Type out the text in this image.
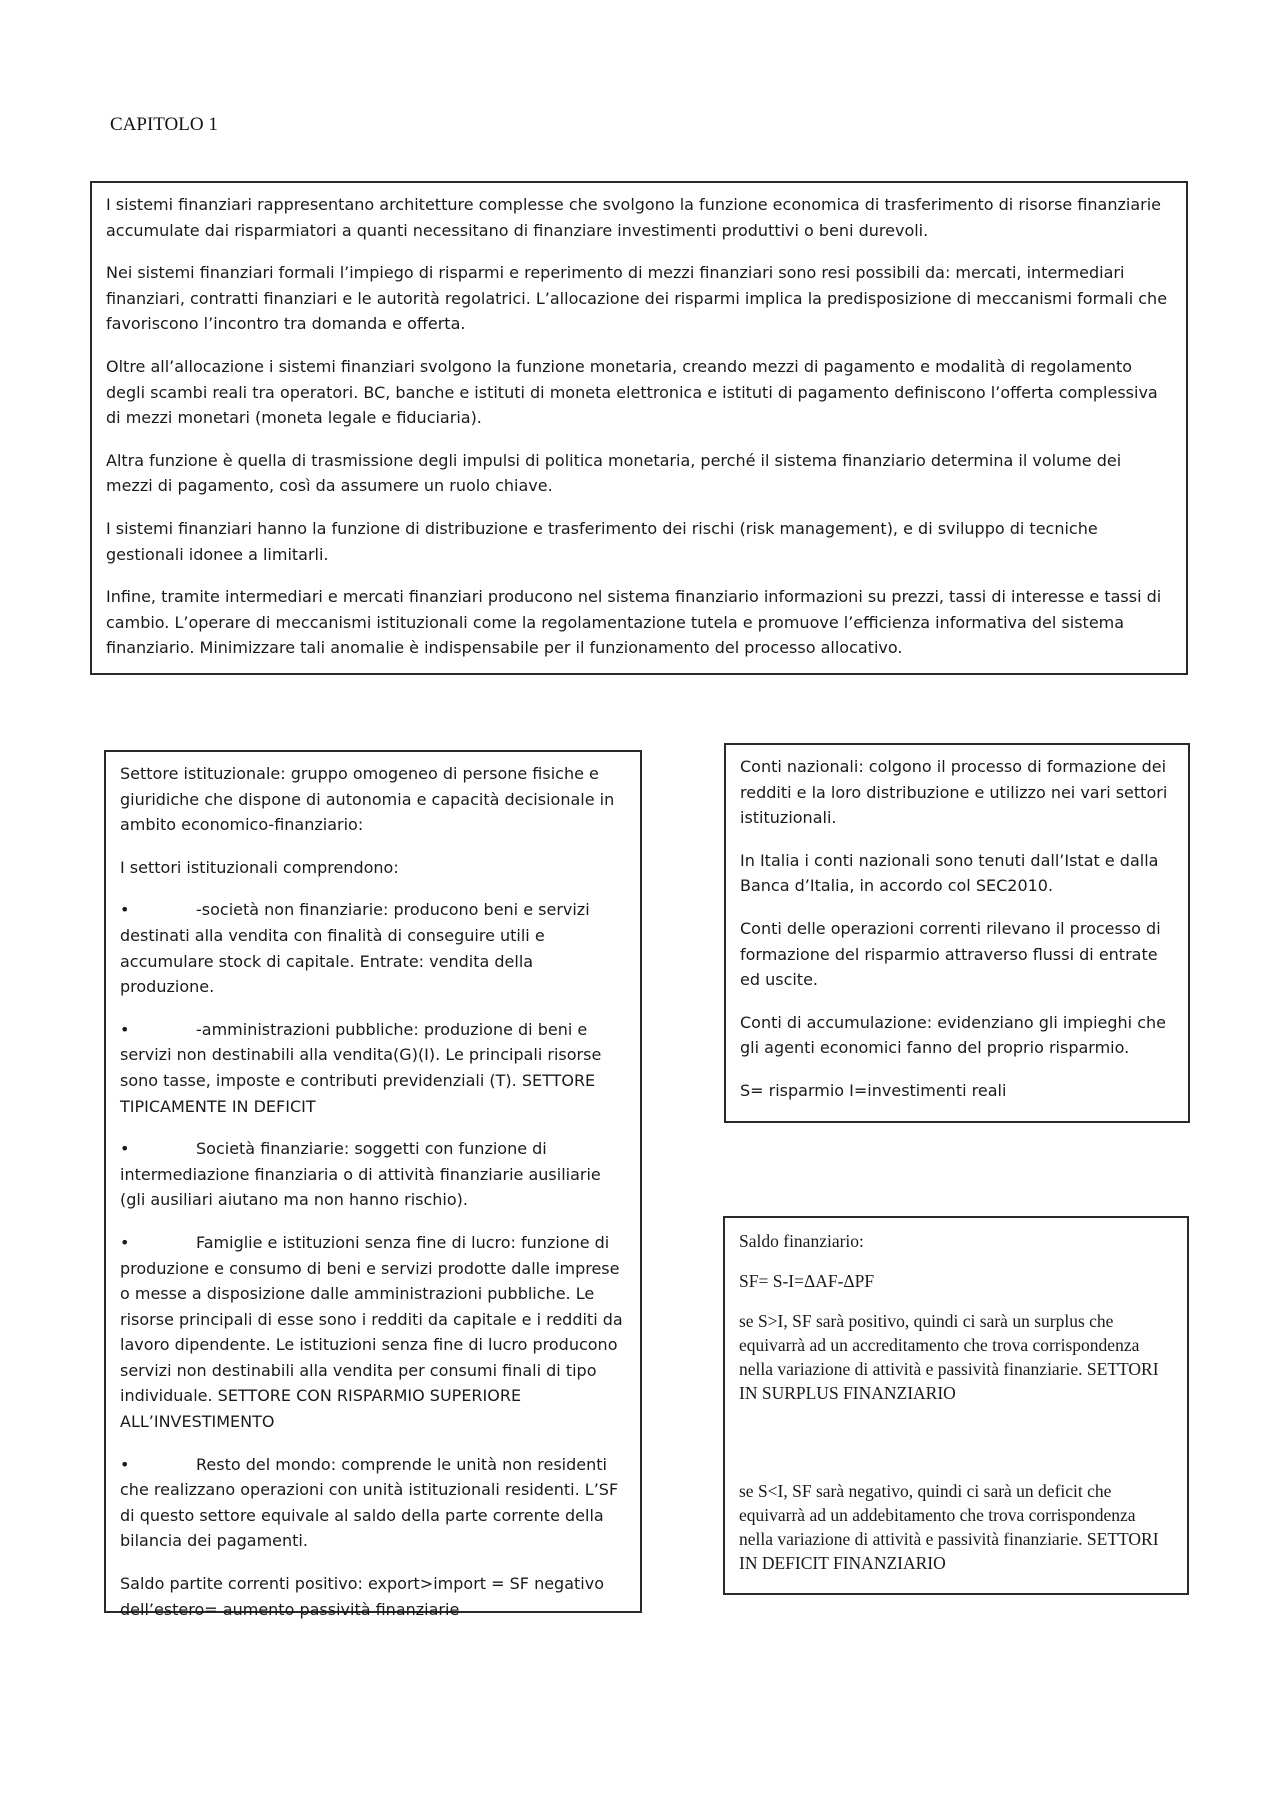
CAPITOLO 1

I sistemi finanziari rappresentano architetture complesse che svolgono la funzione economica di trasferimento di risorse finanziarie accumulate dai risparmiatori a quanti necessitano di finanziare investimenti produttivi o beni durevoli.

Nei sistemi finanziari formali l’impiego di risparmi e reperimento di mezzi finanziari sono resi possibili da: mercati, intermediari finanziari, contratti finanziari e le autorità regolatrici. L’allocazione dei risparmi implica la predisposizione di meccanismi formali che favoriscono l’incontro tra domanda e offerta.

Oltre all’allocazione i sistemi finanziari svolgono la funzione monetaria, creando mezzi di pagamento e modalità di regolamento degli scambi reali tra operatori. BC, banche e istituti di moneta elettronica e istituti di pagamento definiscono l’offerta complessiva di mezzi monetari (moneta legale e fiduciaria).

Altra funzione è quella di trasmissione degli impulsi di politica monetaria, perché il sistema finanziario determina il volume dei mezzi di pagamento, così da assumere un ruolo chiave.

I sistemi finanziari hanno la funzione di distribuzione e trasferimento dei rischi (risk management), e di sviluppo di tecniche gestionali idonee a limitarli.

Infine, tramite intermediari e mercati finanziari producono nel sistema finanziario informazioni su prezzi, tassi di interesse e tassi di cambio. L’operare di meccanismi istituzionali come la regolamentazione tutela e promuove l’efficienza informativa del sistema finanziario. Minimizzare tali anomalie è indispensabile per il funzionamento del processo allocativo.

Settore istituzionale: gruppo omogeneo di persone fisiche e giuridiche che dispone di autonomia e capacità decisionale in ambito economico-finanziario:

I settori istituzionali comprendono:

•	-società non finanziarie: producono beni e servizi destinati alla vendita con finalità di conseguire utili e accumulare stock di capitale. Entrate: vendita della produzione.

•	-amministrazioni pubbliche: produzione di beni e servizi non destinabili alla vendita(G)(I). Le principali risorse sono tasse, imposte e contributi previdenziali (T). SETTORE TIPICAMENTE IN DEFICIT

•	Società finanziarie: soggetti con funzione di intermediazione finanziaria o di attività finanziarie ausiliarie (gli ausiliari aiutano ma non hanno rischio).

•	Famiglie e istituzioni senza fine di lucro: funzione di produzione e consumo di beni e servizi prodotte dalle imprese o messe a disposizione dalle amministrazioni pubbliche. Le risorse principali di esse sono i redditi da capitale e i redditi da lavoro dipendente. Le istituzioni senza fine di lucro producono servizi non destinabili alla vendita per consumi finali di tipo individuale. SETTORE CON RISPARMIO SUPERIORE ALL’INVESTIMENTO

•	Resto del mondo: comprende le unità non residenti che realizzano operazioni con unità istituzionali residenti. L’SF di questo settore equivale al saldo della parte corrente della bilancia dei pagamenti.

Saldo partite correnti positivo: export>import = SF negativo dell’estero= aumento passività finanziarie

Conti nazionali: colgono il processo di formazione dei redditi e la loro distribuzione e utilizzo nei vari settori istituzionali.

In Italia i conti nazionali sono tenuti dall’Istat e dalla Banca d’Italia, in accordo col SEC2010.

Conti delle operazioni correnti rilevano il processo di formazione del risparmio attraverso flussi di entrate ed uscite.

Conti di accumulazione: evidenziano gli impieghi che gli agenti economici fanno del proprio risparmio.

S= risparmio I=investimenti reali

Saldo finanziario:

SF= S-I=ΔAF-ΔPF

se S>I, SF sarà positivo, quindi ci sarà un surplus che equivarrà ad un accreditamento che trova corrispondenza nella variazione di attività e passività finanziarie. SETTORI IN SURPLUS FINANZIARIO

se S<I, SF sarà negativo, quindi ci sarà un deficit che equivarrà ad un addebitamento che trova corrispondenza nella variazione di attività e passività finanziarie. SETTORI IN DEFICIT FINANZIARIO
